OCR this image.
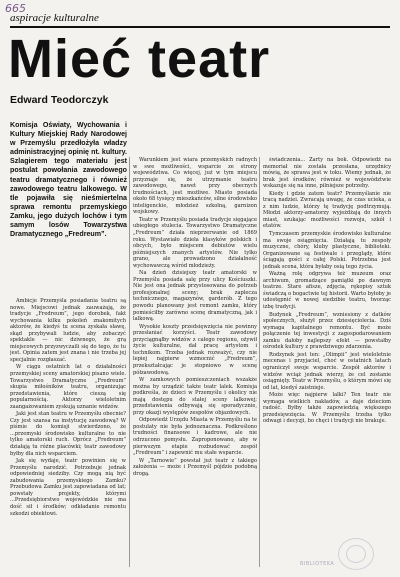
665
aspiracje kulturalne
Mieć teatr
Edward Teodorczyk
Komisja Oświaty, Wychowania i Kultury Miejskiej Rady Narodowej w Przemyślu przedłożyła władzy administracyjnej opinię nt. kultury. Szlagierem tego materiału jest postulat powołania zawodowego teatru dramatycznego i również zawodowego teatru lalkowego. W tle pojawiła się nieśmiertelna sprawa remontu przemyskiego Zamku, jego dużych lochów i tym samym losów Towarzystwa Dramatycznego „Fredreum”.

Ambicje Przemyśla posiadania teatru są nowe. Miejscowi jednak zauważają, że tradycje „Fredreum”, jego dorobek, fakt wychowania kilku pokoleń znakomitych aktorów, że kiedyś tu scena zyskała sławę, skąd przybywali ludzie, aby zobaczyć spektakle — nic dziwnego, że grą miejscowych przyzwyczaili się do tego, że tu jest. Opinia zatem jest znana i nie trzeba jej specjalnie rozgłaszać.

W ciągu ostatnich lat o działalności przemyskiej sceny amatorskiej pisano wiele. Towarzystwo Dramatyczne „Fredreum” skupia miłośników teatru, organizując przedstawienia, które cieszą się popularnością. Aktorzy wieloletnim zaangażowaniem zyskują uznanie widzów.

Jaki jest stan teatru w Przemyślu obecnie? Czy jest szansa na instytucję zawodową? W piśmie do komisji stwierdzono, że ...przemyski środowisko kulturalne to nie tylko amatorski ruch. Oprócz „Fredreum” działają tu różne placówki; teatr zawodowy byłby dla nich wsparciem.

Jak się wydaje, teatr powinien się w Przemyślu narodzić. Potrzebuje jednak odpowiedniej siedziby. Czy mogą nią być zabudowania przemyskiego Zamku? Przebudowa Zamku jest zapowiadana od lat; powstały projekty, którymi ...Przedsiębiorstwo wojewódzkie nie ma dość sił i środków; odkładanie remontu szkodzi obiektowi.

Warunkiem jest wiara przemyskich radnych w swe możliwości, wsparcie ze strony województwa. Co więcej, już w tym miejscu przyznaje się, że utrzymanie teatru zawodowego, nawet przy obecnych trudnościach, jest możliwe. Miasto posiada około 68 tysięcy mieszkańców, silne środowisko inteligenckie, młodzież szkolną, garnizon wojskowy.

Teatr w Przemyślu posiada tradycje sięgające ubiegłego stulecia. Towarzystwo Dramatyczne „Fredreum” działa nieprzerwanie od 1869 roku. Wystawiało dzieła klasyków polskich i obcych, było miejscem debiutów wielu późniejszych znanych artystów. Nie tylko grano, ale prowadzono działalność wychowawczą wśród młodzieży.

Na dzień dzisiejszy teatr amatorski w Przemyślu posiada salę przy ulicy Kościuszki. Nie jest ona jednak przystosowana do potrzeb profesjonalnej sceny; brak zaplecza technicznego, magazynów, garderób. Z tego powodu planowany jest remont zamku, który pomieściłby zarówno scenę dramatyczną, jak i lalkową.

Wysokie koszty przedsięwzięcia nie powinny przesłaniać korzyści. Teatr zawodowy przyciągnąłby widzów z całego regionu, ożywił życie kulturalne, dał pracę artystom i technikom. Trzeba jednak rozważyć, czy nie lepiej najpierw wzmocnić „Fredreum”, przekształcając je stopniowo w scenę półzawodową.

W zamkowych pomieszczeniach wszakże można by urządzić także teatr lalek. Komisja podkreśla, że dzieci w Przemyślu i okolicy nie mają dostępu do stałej sceny lalkowej; przedstawienia odbywają się sporadycznie, przy okazji występów zespołów objazdowych.

Odpowiedź Urzędu Miasta w Przemyślu na te postulaty nie była jednoznaczna. Podkreślono trudności finansowe i kadrowe, ale nie odrzucono pomysłu. Zaproponowano, aby w pierwszym etapie rozbudować zespół „Fredreum” i zapewnić mu stałe wsparcie.

W „Tarnowie” powstał już teatr z takiego założenia — może i Przemyśl pójdzie podobną drogą.

świadczenia... Żarty na bok. Odpowiedź na memoriał nie została przesłana, urzędnicy mówią, że sprawa jest w toku. Wiemy jednak, że brak jest środków; również w województwie wskazuje się na inne, pilniejsze potrzeby.

Kiedy i gdzie zatem teatr? Przemyślanie nie tracą nadziei. Zwracają uwagę, że czas ucieka, a z nim ludzie, którzy tę tradycję podtrzymują. Młodzi aktorzy-amatorzy wyjeżdżają do innych miast, szukając możliwości rozwoju, szkół i etatów.

Tymczasem przemyskie środowisko kulturalne ma swoje osiągnięcia. Działają tu zespoły muzyczne, chóry, kluby plastyczne, biblioteki. Organizowane są festiwale i przeglądy, które ściągają gości z całej Polski. Potrzebna jest jednak scena, która byłaby osią tego życia.

Ważną rolę odgrywa też muzeum oraz archiwum, gromadzące pamiątki po dawnym teatrze. Stare afisze, zdjęcia, rękopisy sztuk świadczą o bogactwie tej historii. Warto byłoby je udostępnić w nowej siedzibie teatru, tworząc izbę tradycji.

Budynek „Fredreum”, wzniesiony z datków społecznych, służył przez dziesięciolecia. Dziś wymaga kapitalnego remontu. Być może połączenie tej inwestycji z zagospodarowaniem zamku dałoby najlepszy efekt — powstałby ośrodek kultury z prawdziwego zdarzenia.

Rodzynek jest ten: „Olimpii” jest wieloletnie mecenas i przyjaciel, choć w ostatnich latach ograniczył swoje wsparcie. Zespół aktorów i widzów wciąż jednak wierzy, że cel zostanie osiągnięty. Teatr w Przemyślu, o którym mówi się od lat, kiedyś zaistnieje.

Może więc najpierw lalki? Ten teatr nie wymaga wielkich nakładów, a daje dzieciom radość. Byłby także zapowiedzią większego przedsięwzięcia. W Przemyślu trzeba tylko odwagi i decyzji, bo chęci i tradycji nie brakuje.

BIBLIOTEKA
